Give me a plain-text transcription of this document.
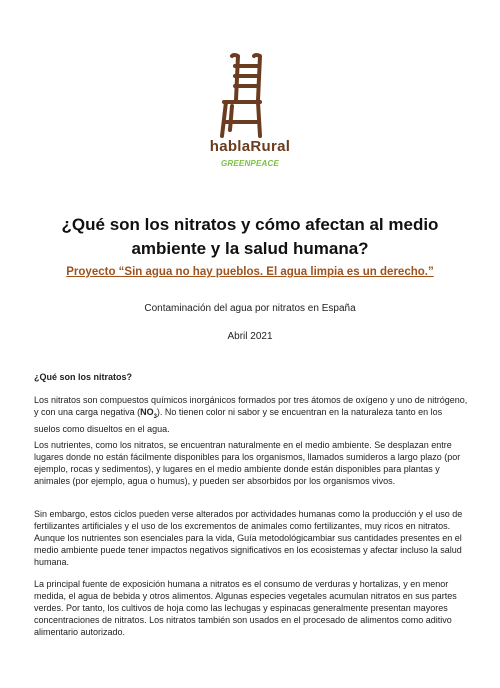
hablaRural
GREENPEACE
¿Qué son los nitratos y cómo afectan al medio ambiente y la salud humana?
Proyecto “Sin agua no hay pueblos. El agua limpia es un derecho.”
Contaminación del agua por nitratos en España
Abril 2021
¿Qué son los nitratos?
Los nitratos son compuestos químicos inorgánicos formados por tres átomos de oxígeno y uno de nitrógeno, y con una carga negativa $(NO_3)$. No tienen color ni sabor y se encuentran en la naturaleza tanto en los suelos como disueltos en el agua.
Los nutrientes, como los nitratos, se encuentran naturalmente en el medio ambiente. Se desplazan entre lugares donde no están fácilmente disponibles para los organismos, llamados sumideros a largo plazo (por ejemplo, rocas y sedimentos), y lugares en el medio ambiente donde están disponibles para plantas y animales (por ejemplo, agua o humus), y pueden ser absorbidos por los organismos vivos.
Sin embargo, estos ciclos pueden verse alterados por actividades humanas como la producción y el uso de fertilizantes artificiales y el uso de los excrementos de animales como fertilizantes, muy ricos en nitratos. Aunque los nutrientes son esenciales para la vida, Guía metodológicambiar sus cantidades presentes en el medio ambiente puede tener impactos negativos significativos en los ecosistemas y afectar incluso la salud humana.
La principal fuente de exposición humana a nitratos es el consumo de verduras y hortalizas, y en menor medida, el agua de bebida y otros alimentos. Algunas especies vegetales acumulan nitratos en sus partes verdes. Por tanto, los cultivos de hoja como las lechugas y espinacas generalmente presentan mayores concentraciones de nitratos. Los nitratos también son usados en el procesado de alimentos como aditivo alimentario autorizado.
